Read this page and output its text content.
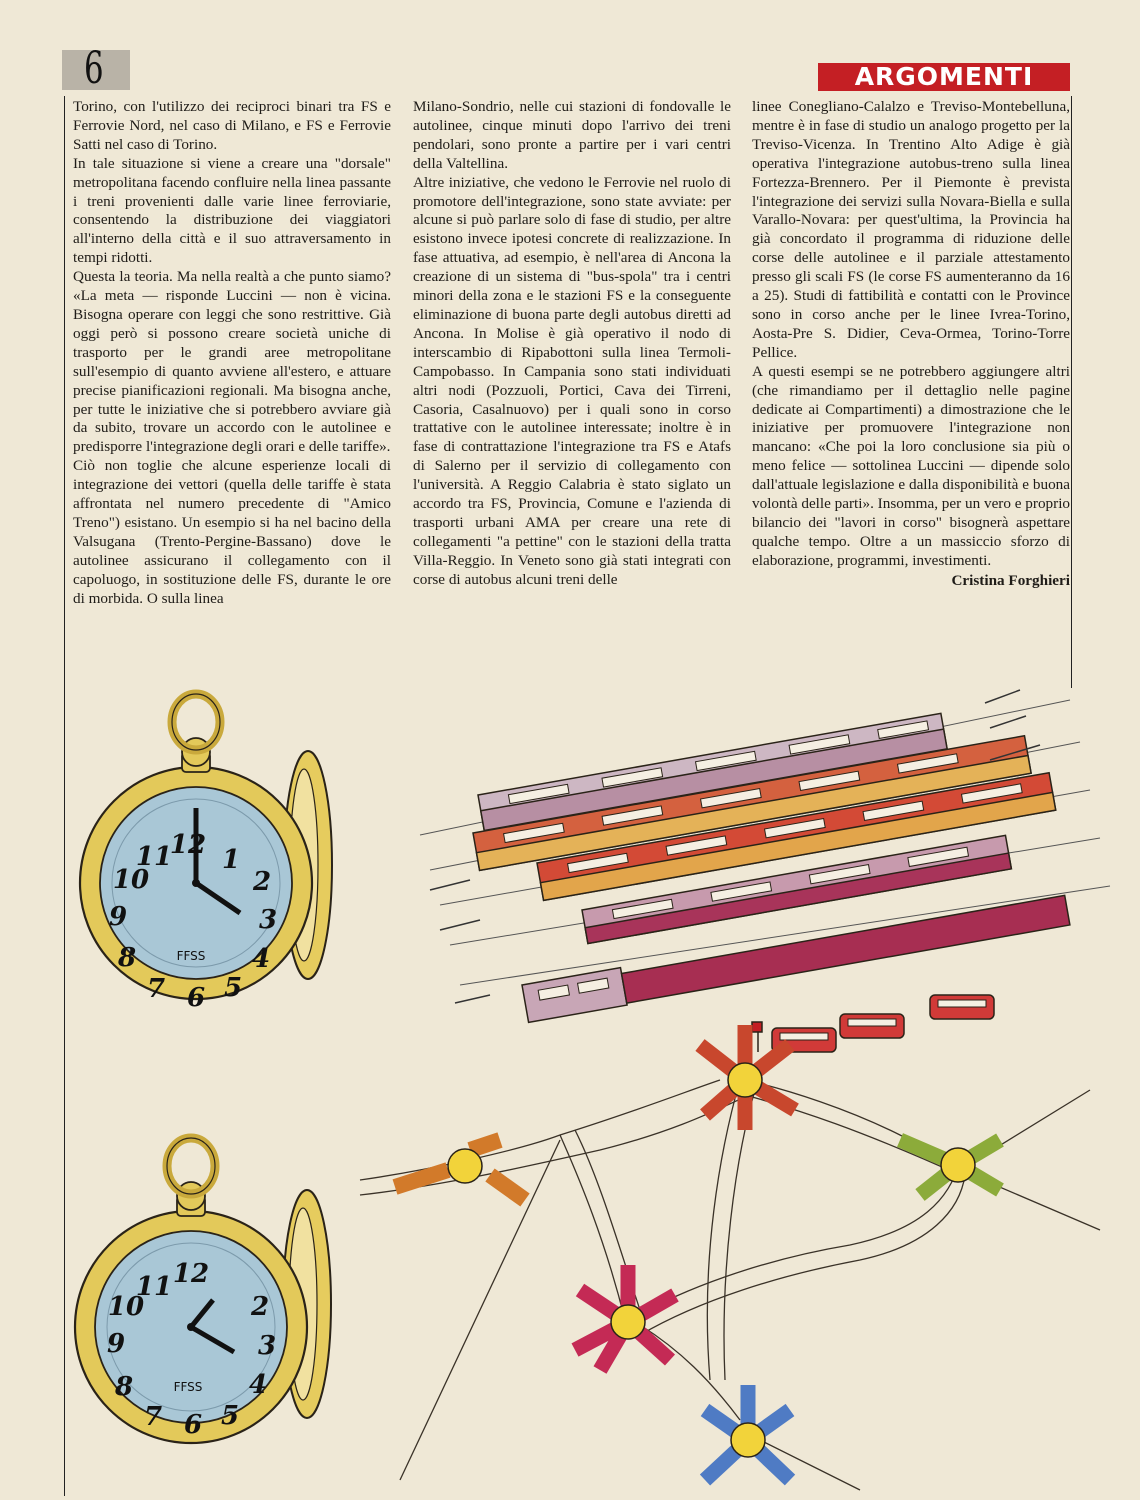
6	ARGOMENTI

Torino, con l'utilizzo dei reciproci binari tra FS e Ferrovie Nord, nel caso di Milano, e FS e Ferrovie Satti nel caso di Torino.

In tale situazione si viene a creare una "dorsale" metropolitana facendo confluire nella linea passante i treni provenienti dalle varie linee ferroviarie, consentendo la distribuzione dei viaggiatori all'interno della città e il suo attraversamento in tempi ridotti.

Questa la teoria. Ma nella realtà a che punto siamo? «La meta — risponde Luccini — non è vicina. Bisogna operare con leggi che sono restrittive. Già oggi però si possono creare società uniche di trasporto per le grandi aree metropolitane sull'esempio di quanto avviene all'estero, e attuare precise pianificazioni regionali. Ma bisogna anche, per tutte le iniziative che si potrebbero avviare già da subito, trovare un accordo con le autolinee e predisporre l'integrazione degli orari e delle tariffe».

Ciò non toglie che alcune esperienze locali di integrazione dei vettori (quella delle tariffe è stata affrontata nel numero precedente di "Amico Treno") esistano. Un esempio si ha nel bacino della Valsugana (Trento-Pergine-Bassano) dove le autolinee assicurano il collegamento con il capoluogo, in sostituzione delle FS, durante le ore di morbida. O sulla linea

Milano-Sondrio, nelle cui stazioni di fondovalle le autolinee, cinque minuti dopo l'arrivo dei treni pendolari, sono pronte a partire per i vari centri della Valtellina.

Altre iniziative, che vedono le Ferrovie nel ruolo di promotore dell'integrazione, sono state avviate: per alcune si può parlare solo di fase di studio, per altre esistono invece ipotesi concrete di realizzazione. In fase attuativa, ad esempio, è nell'area di Ancona la creazione di un sistema di "bus-spola" tra i centri minori della zona e le stazioni FS e la conseguente eliminazione di buona parte degli autobus diretti ad Ancona. In Molise è già operativo il nodo di interscambio di Ripabottoni sulla linea Termoli-Campobasso. In Campania sono stati individuati altri nodi (Pozzuoli, Portici, Cava dei Tirreni, Casoria, Casalnuovo) per i quali sono in corso trattative con le autolinee interessate; inoltre è in fase di contrattazione l'integrazione tra FS e Atafs di Salerno per il servizio di collegamento con l'università. A Reggio Calabria è stato siglato un accordo tra FS, Provincia, Comune e l'azienda di trasporti urbani AMA per creare una rete di collegamenti "a pettine" con le stazioni della tratta Villa-Reggio. In Veneto sono già stati integrati con corse di autobus alcuni treni delle

linee Conegliano-Calalzo e Treviso-Montebelluna, mentre è in fase di studio un analogo progetto per la Treviso-Vicenza. In Trentino Alto Adige è già operativa l'integrazione autobus-treno sulla linea Fortezza-Brennero. Per il Piemonte è prevista l'integrazione dei servizi sulla Novara-Biella e sulla Varallo-Novara: per quest'ultima, la Provincia ha già concordato il programma di riduzione delle corse delle autolinee e il parziale attestamento presso gli scali FS (le corse FS aumenteranno da 16 a 25). Studi di fattibilità e contatti con le Province sono in corso anche per le linee Ivrea-Torino, Aosta-Pre S. Didier, Ceva-Ormea, Torino-Torre Pellice.

A questi esempi se ne potrebbero aggiungere altri (che rimandiamo per il dettaglio nelle pagine dedicate ai Compartimenti) a dimostrazione che le iniziative per promuovere l'integrazione non mancano: «Che poi la loro conclusione sia più o meno felice — sottolinea Luccini — dipende solo dall'attuale legislazione e dalla disponibilità e buona volontà delle parti». Insomma, per un vero e proprio bilancio dei "lavori in corso" bisognerà aspettare qualche tempo. Oltre a un massiccio sforzo di elaborazione, programmi, investimenti.

Cristina Forghieri
11
12 1
10	2
9	3
8	4
7 6 5
FFSS
11 12
10	2
9	3
8	4
7 6 5
FFSS
